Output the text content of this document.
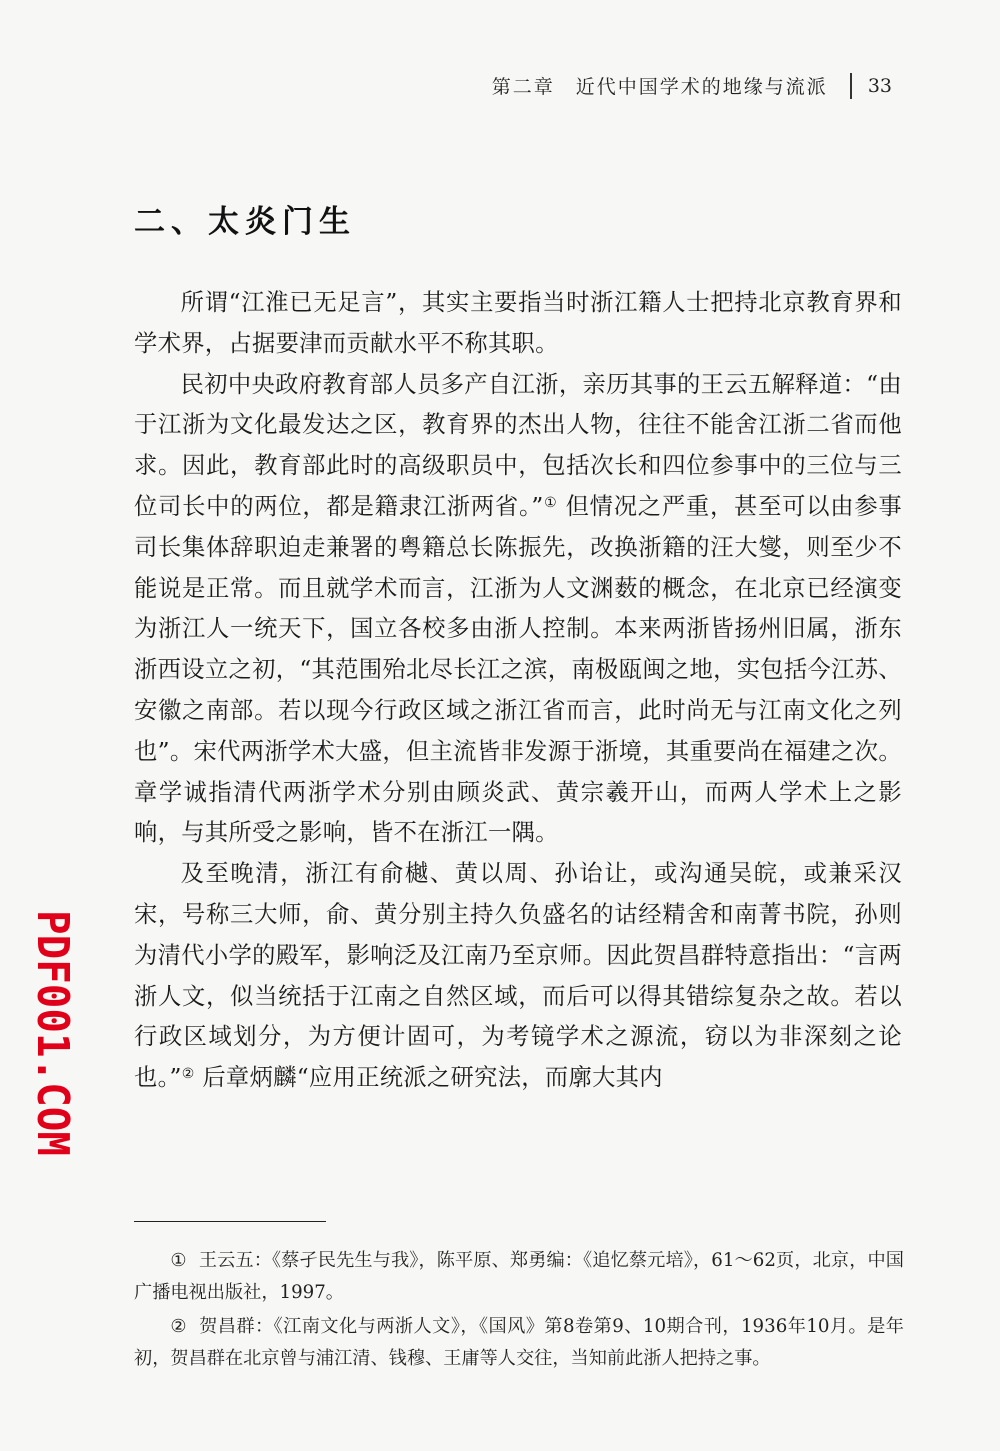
第二章　近代中国学术的地缘与流派 33
二、太炎门生

所谓“江淮已无足言”，其实主要指当时浙江籍人士把持北京教育界和学术界，占据要津而贡献水平不称其职。

民初中央政府教育部人员多产自江浙，亲历其事的王云五解释道：“由于江浙为文化最发达之区，教育界的杰出人物，往往不能舍江浙二省而他求。因此，教育部此时的高级职员中，包括次长和四位参事中的三位与三位司长中的两位，都是籍隶江浙两省。”① 但情况之严重，甚至可以由参事司长集体辞职迫走兼署的粤籍总长陈振先，改换浙籍的汪大燮，则至少不能说是正常。而且就学术而言，江浙为人文渊薮的概念，在北京已经演变为浙江人一统天下，国立各校多由浙人控制。本来两浙皆扬州旧属，浙东浙西设立之初，“其范围殆北尽长江之滨，南极瓯闽之地，实包括今江苏、安徽之南部。若以现今行政区域之浙江省而言，此时尚无与江南文化之列也”。宋代两浙学术大盛，但主流皆非发源于浙境，其重要尚在福建之次。章学诚指清代两浙学术分别由顾炎武、黄宗羲开山，而两人学术上之影响，与其所受之影响，皆不在浙江一隅。

及至晚清，浙江有俞樾、黄以周、孙诒让，或沟通吴皖，或兼采汉宋，号称三大师，俞、黄分别主持久负盛名的诂经精舍和南菁书院，孙则为清代小学的殿军，影响泛及江南乃至京师。因此贺昌群特意指出：“言两浙人文，似当统括于江南之自然区域，而后可以得其错综复杂之故。若以行政区域划分，为方便计固可，为考镜学术之源流，窃以为非深刻之论也。”② 后章炳麟“应用正统派之研究法，而廓大其内

① 王云五：《蔡孑民先生与我》，陈平原、郑勇编：《追忆蔡元培》，61～62页，北京，中国广播电视出版社，1997。

② 贺昌群：《江南文化与两浙人文》，《国风》第8卷第9、10期合刊，1936年10月。是年初，贺昌群在北京曾与浦江清、钱穆、王庸等人交往，当知前此浙人把持之事。

PDF001.COM
